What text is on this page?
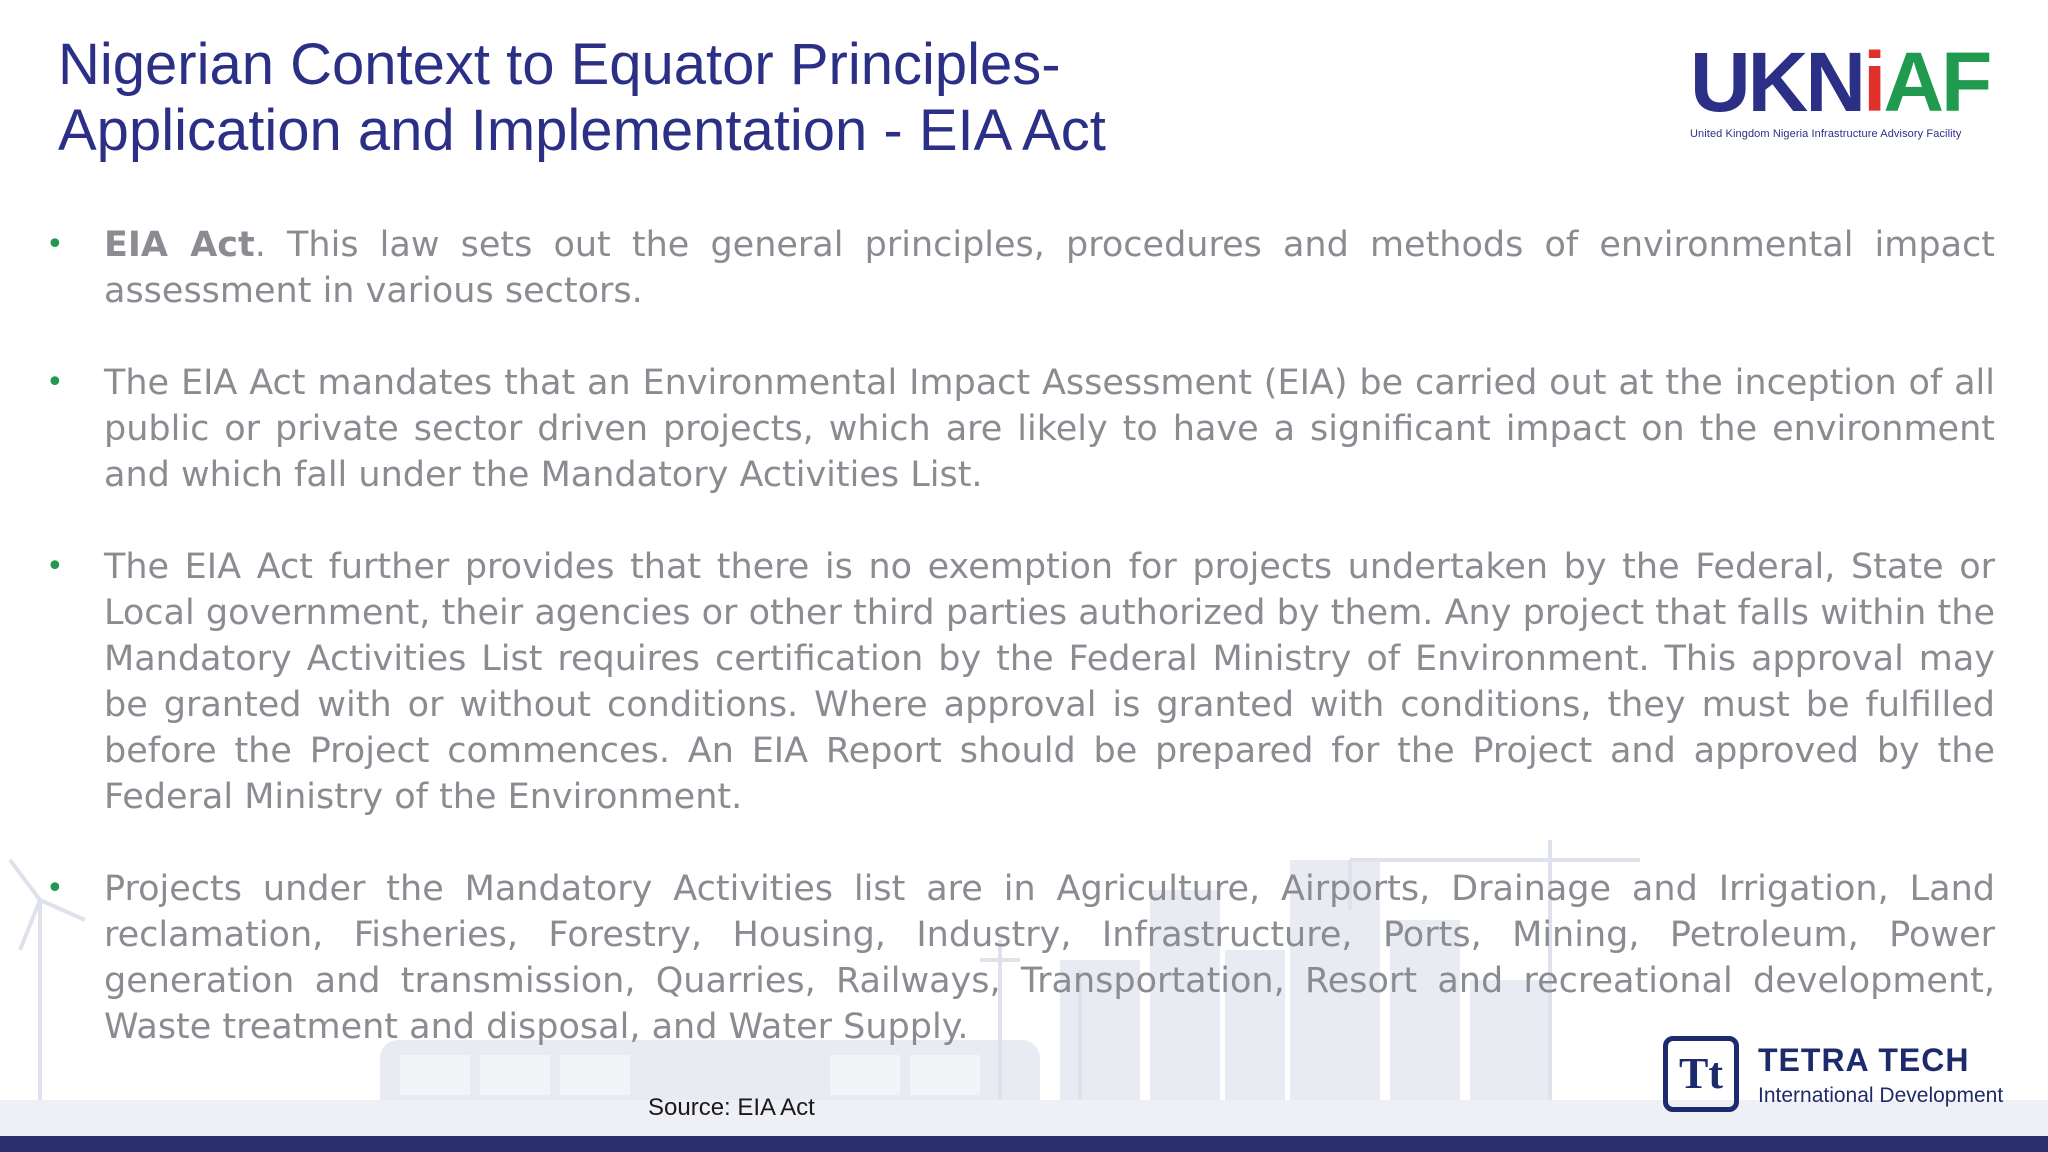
Nigerian Context to Equator Principles-
Application and Implementation - EIA Act
UKNiAF
United Kingdom Nigeria Infrastructure Advisory Facility
• EIA Act. This law sets out the general principles, procedures and methods of environmental impact assessment in various sectors.
• The EIA Act mandates that an Environmental Impact Assessment (EIA) be carried out at the inception of all public or private sector driven projects, which are likely to have a significant impact on the environment and which fall under the Mandatory Activities List.
• The EIA Act further provides that there is no exemption for projects undertaken by the Federal, State or Local government, their agencies or other third parties authorized by them. Any project that falls within the Mandatory Activities List requires certification by the Federal Ministry of Environment. This approval may be granted with or without conditions. Where approval is granted with conditions, they must be fulfilled before the Project commences. An EIA Report should be prepared for the Project and approved by the Federal Ministry of the Environment.
• Projects under the Mandatory Activities list are in Agriculture, Airports, Drainage and Irrigation, Land reclamation, Fisheries, Forestry, Housing, Industry, Infrastructure, Ports, Mining, Petroleum, Power generation and transmission, Quarries, Railways, Transportation, Resort and recreational development, Waste treatment and disposal, and Water Supply.
Source: EIA Act
Tt	TETRA TECH
International Development
